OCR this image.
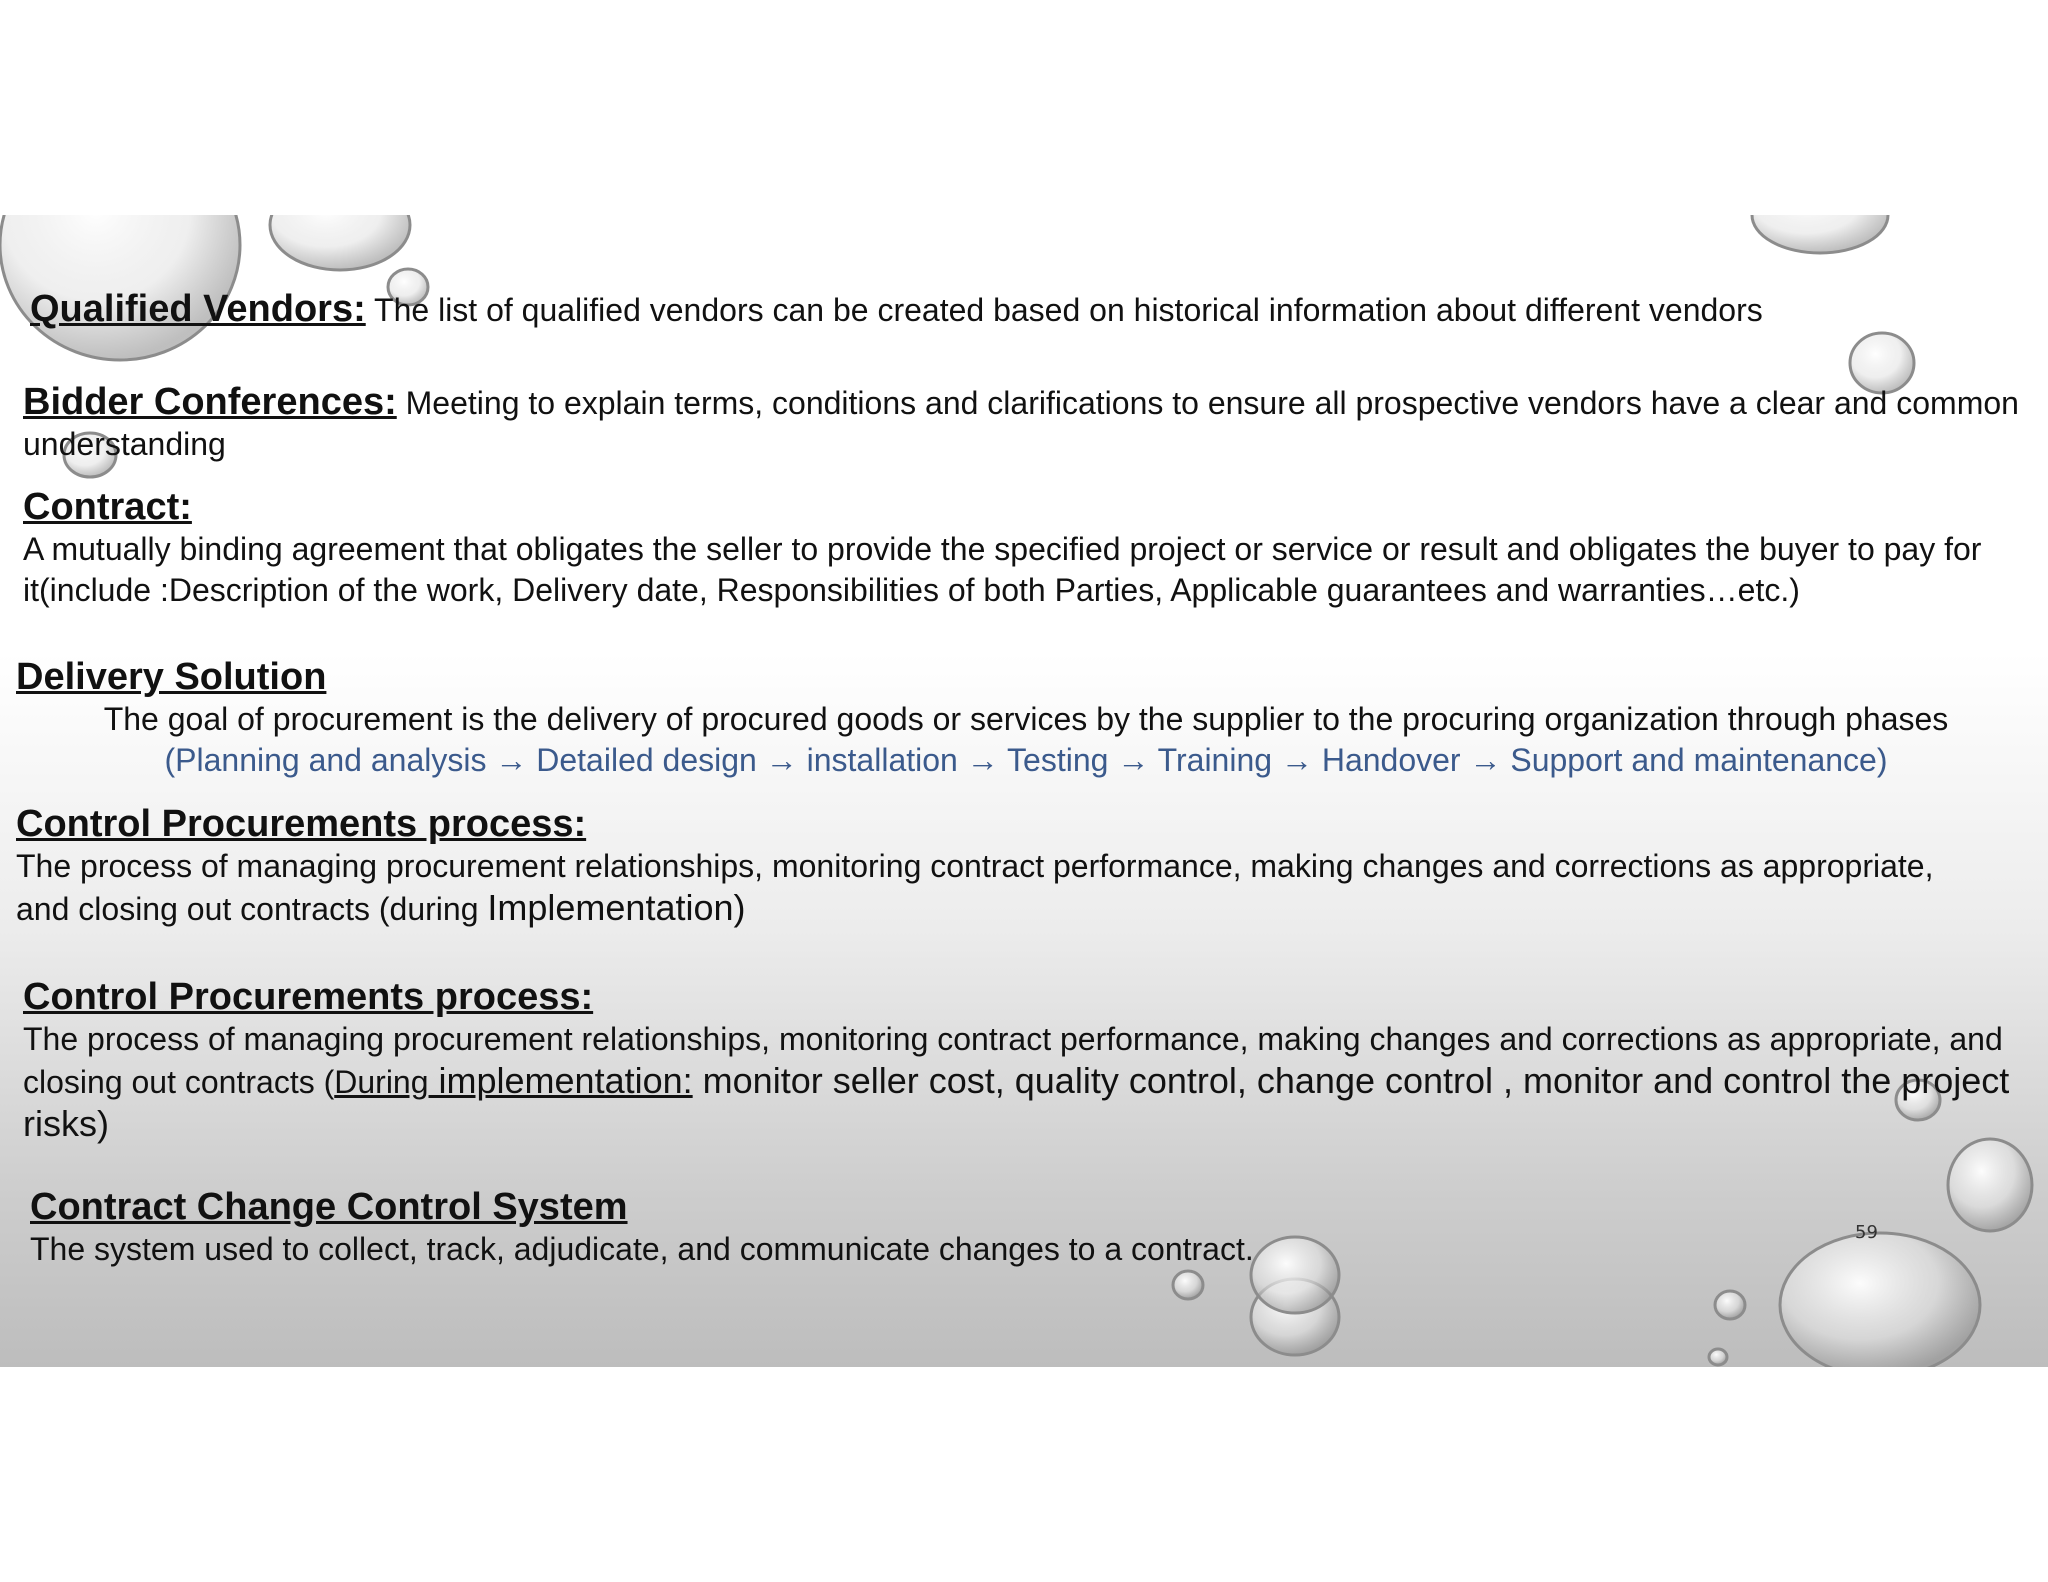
Qualified Vendors: The list of qualified vendors can be created based on historical information about different vendors

Bidder Conferences: Meeting to explain terms, conditions and clarifications to ensure all prospective vendors have a clear and common understanding

Contract:

A mutually binding agreement that obligates the seller to provide the specified project or service or result and obligates the buyer to pay for it(include :Description of the work, Delivery date, Responsibilities of both Parties, Applicable guarantees and warranties…etc.)

Delivery Solution

The goal of procurement is the delivery of procured goods or services by the supplier to the procuring organization through phases

(Planning and analysis → Detailed design → installation → Testing → Training → Handover → Support and maintenance)

Control Procurements process:

The process of managing procurement relationships, monitoring contract performance, making changes and corrections as appropriate, and closing out contracts (during Implementation)

Control Procurements process:

The process of managing procurement relationships, monitoring contract performance, making changes and corrections as appropriate, and closing out contracts (During implementation: monitor seller cost, quality control, change control , monitor and control the project risks)

Contract Change Control System

The system used to collect, track, adjudicate, and communicate changes to a contract.	59
